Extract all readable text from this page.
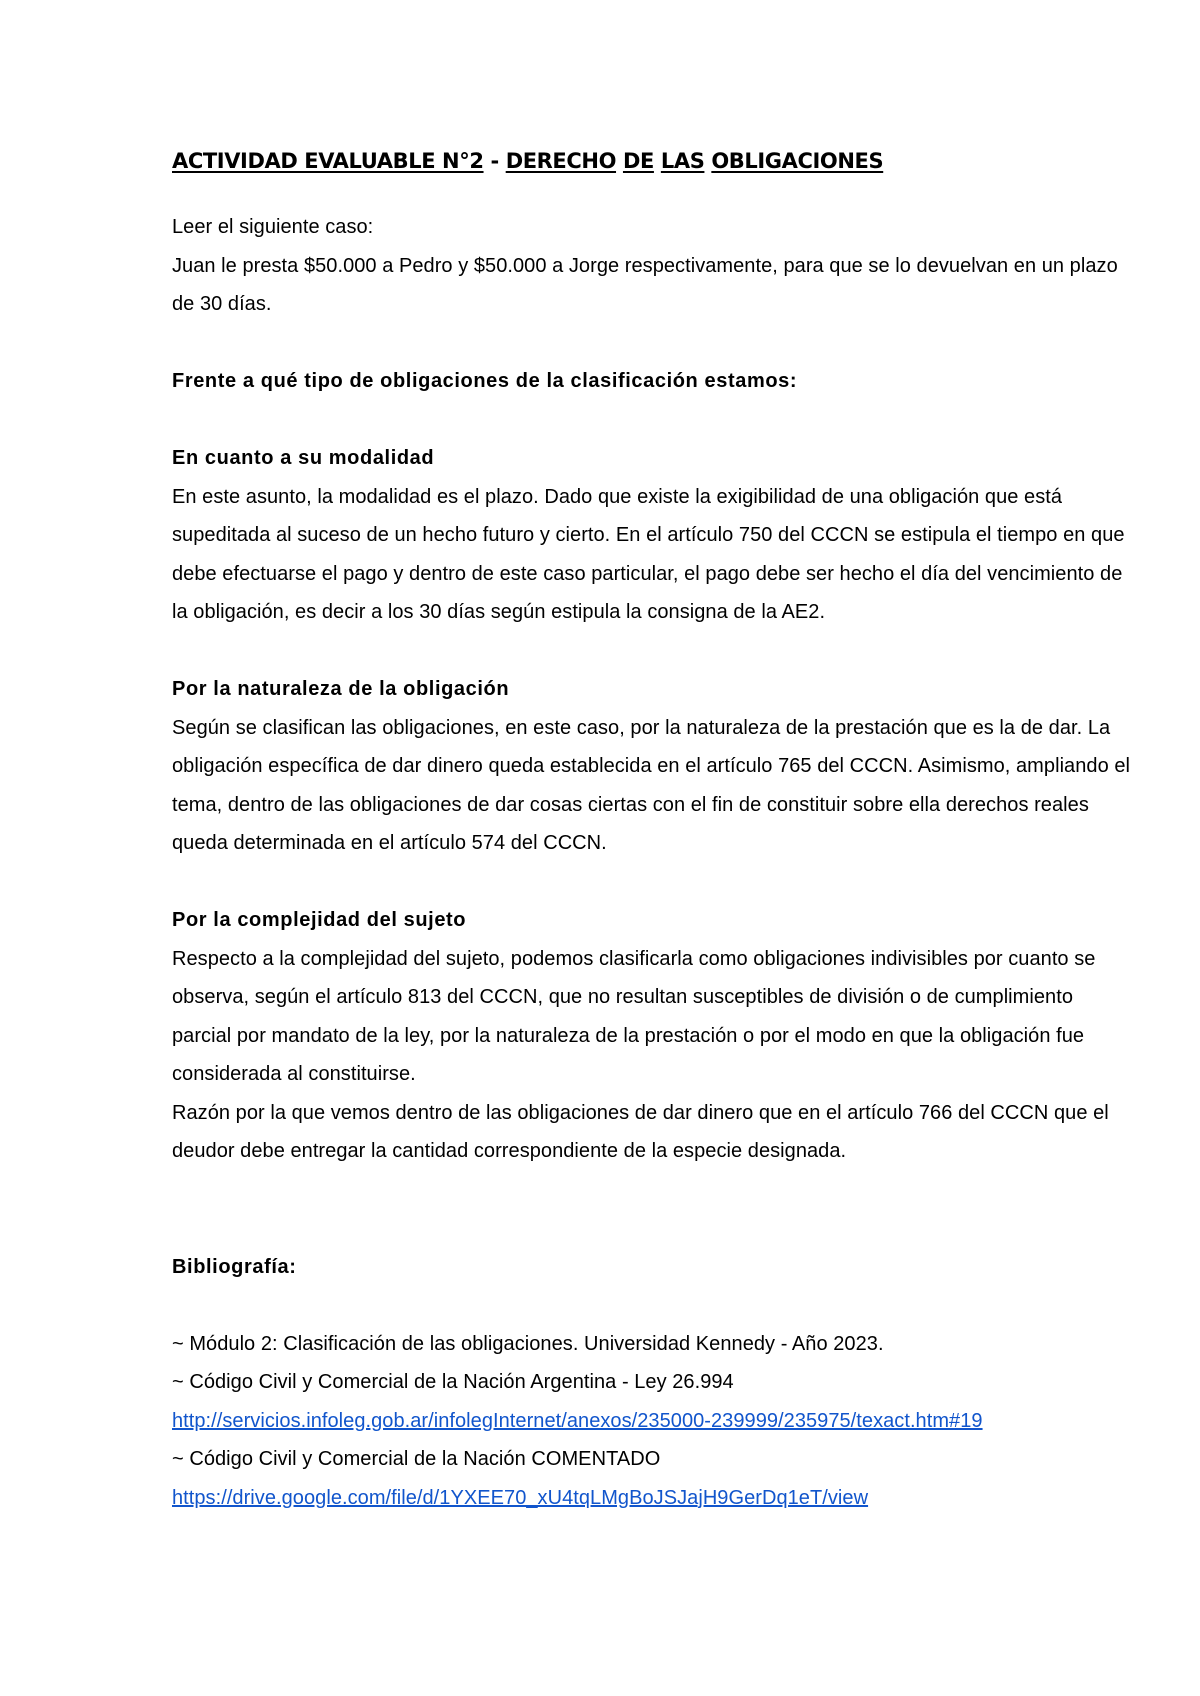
ACTIVIDAD EVALUABLE N°2 - DERECHO DE LAS OBLIGACIONES

Leer el siguiente caso:

Juan le presta $50.000 a Pedro y $50.000 a Jorge respectivamente, para que se lo devuelvan en un plazo de 30 días.

Frente a qué tipo de obligaciones de la clasificación estamos:

En cuanto a su modalidad

En este asunto, la modalidad es el plazo. Dado que existe la exigibilidad de una obligación que está supeditada al suceso de un hecho futuro y cierto. En el artículo 750 del CCCN se estipula el tiempo en que debe efectuarse el pago y dentro de este caso particular, el pago debe ser hecho el día del vencimiento de la obligación, es decir a los 30 días según estipula la consigna de la AE2.

Por la naturaleza de la obligación

Según se clasifican las obligaciones, en este caso, por la naturaleza de la prestación que es la de dar. La obligación específica de dar dinero queda establecida en el artículo 765 del CCCN. Asimismo, ampliando el tema, dentro de las obligaciones de dar cosas ciertas con el fin de constituir sobre ella derechos reales queda determinada en el artículo 574 del CCCN.

Por la complejidad del sujeto

Respecto a la complejidad del sujeto, podemos clasificarla como obligaciones indivisibles por cuanto se observa, según el artículo 813 del CCCN, que no resultan susceptibles de división o de cumplimiento parcial por mandato de la ley, por la naturaleza de la prestación o por el modo en que la obligación fue considerada al constituirse.

Razón por la que vemos dentro de las obligaciones de dar dinero que en el artículo 766 del CCCN que el deudor debe entregar la cantidad correspondiente de la especie designada.

Bibliografía:

~ Módulo 2: Clasificación de las obligaciones. Universidad Kennedy - Año 2023.

~ Código Civil y Comercial de la Nación Argentina - Ley 26.994

http://servicios.infoleg.gob.ar/infolegInternet/anexos/235000-239999/235975/texact.htm#19

~ Código Civil y Comercial de la Nación COMENTADO

https://drive.google.com/file/d/1YXEE70_xU4tqLMgBoJSJajH9GerDq1eT/view
